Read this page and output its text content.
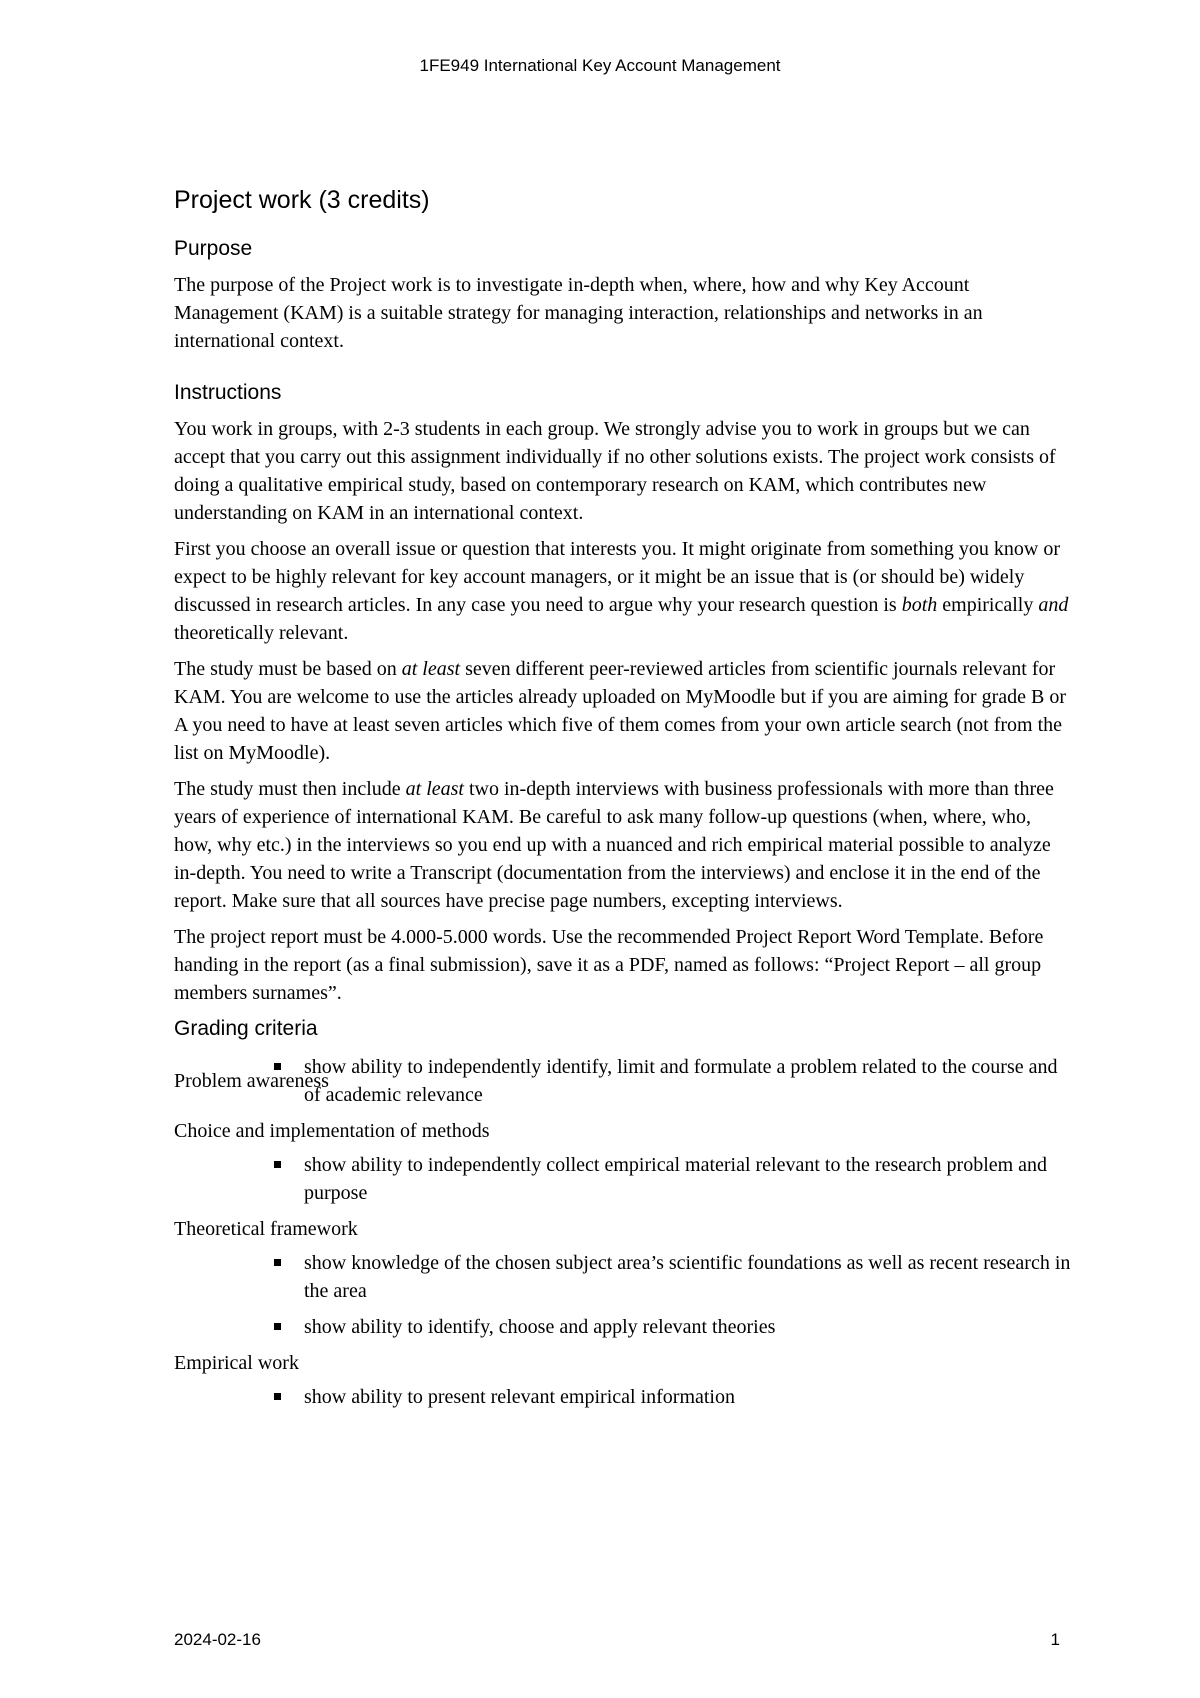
1FE949 International Key Account Management
Project work (3 credits)
Purpose

The purpose of the Project work is to investigate in-depth when, where, how and why Key Account Management (KAM) is a suitable strategy for managing interaction, relationships and networks in an international context.

Instructions

You work in groups, with 2-3 students in each group. We strongly advise you to work in groups but we can accept that you carry out this assignment individually if no other solutions exists. The project work consists of doing a qualitative empirical study, based on contemporary research on KAM, which contributes new understanding on KAM in an international context.

First you choose an overall issue or question that interests you. It might originate from something you know or expect to be highly relevant for key account managers, or it might be an issue that is (or should be) widely discussed in research articles. In any case you need to argue why your research question is both empirically and theoretically relevant.

The study must be based on at least seven different peer-reviewed articles from scientific journals relevant for KAM. You are welcome to use the articles already uploaded on MyMoodle but if you are aiming for grade B or A you need to have at least seven articles which five of them comes from your own article search (not from the list on MyMoodle).

The study must then include at least two in-depth interviews with business professionals with more than three years of experience of international KAM. Be careful to ask many follow-up questions (when, where, who, how, why etc.) in the interviews so you end up with a nuanced and rich empirical material possible to analyze in-depth. You need to write a Transcript (documentation from the interviews) and enclose it in the end of the report. Make sure that all sources have precise page numbers, excepting interviews.

The project report must be 4.000-5.000 words. Use the recommended Project Report Word Template. Before handing in the report (as a final submission), save it as a PDF, named as follows: “Project Report – all group members surnames”.

Grading criteria
Problem awareness
show ability to independently identify, limit and formulate a problem related to the course and of academic relevance
Choice and implementation of methods
show ability to independently collect empirical material relevant to the research problem and purpose
Theoretical framework
show knowledge of the chosen subject area’s scientific foundations as well as recent research in the area
show ability to identify, choose and apply relevant theories
Empirical work
show ability to present relevant empirical information
2024-02-16	1
